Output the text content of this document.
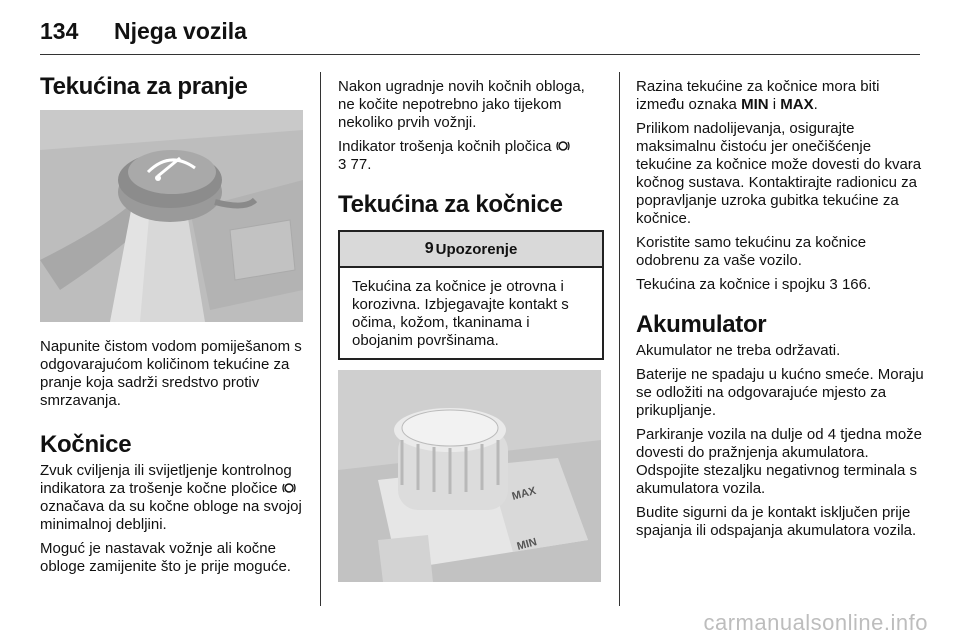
134 Njega vozila
Tekućina za pranje

Napunite čistom vodom pomiješanom s odgovarajućom količinom tekućine za pranje koja sadrži sredstvo protiv smrzavanja.

Kočnice

Zvuk cviljenja ili svijetljenje kontrolnog indikatora za trošenje kočne pločice  označava da su kočne obloge na svojoj minimalnoj debljini.

Moguć je nastavak vožnje ali kočne obloge zamijenite što je prije moguće.

Nakon ugradnje novih kočnih obloga, ne kočite nepotrebno jako tijekom nekoliko prvih vožnji.

Indikator trošenja kočnih pločica
3 77.

Tekućina za kočnice
9 Upozorenje

Tekućina za kočnice je otrovna i korozivna. Izbjegavajte kontakt s očima, kožom, tkaninama i obojanim površinama.

MAX
MIN

Razina tekućine za kočnice mora biti između oznaka MIN i MAX.

Prilikom nadolijevanja, osigurajte maksimalnu čistoću jer onečišćenje tekućine za kočnice može dovesti do kvara kočnog sustava. Kontaktirajte radionicu za popravljanje uzroka gubitka tekućine za kočnice.

Koristite samo tekućinu za kočnice odobrenu za vaše vozilo.

Tekućina za kočnice i spojku 3 166.

Akumulator

Akumulator ne treba održavati.

Baterije ne spadaju u kućno smeće. Moraju se odložiti na odgovarajuće mjesto za prikupljanje.

Parkiranje vozila na dulje od 4 tjedna može dovesti do pražnjenja akumulatora. Odspojite stezaljku negativnog terminala s akumulatora vozila.

Budite sigurni da je kontakt isključen prije spajanja ili odspajanja akumulatora vozila.

carmanualsonline.info
